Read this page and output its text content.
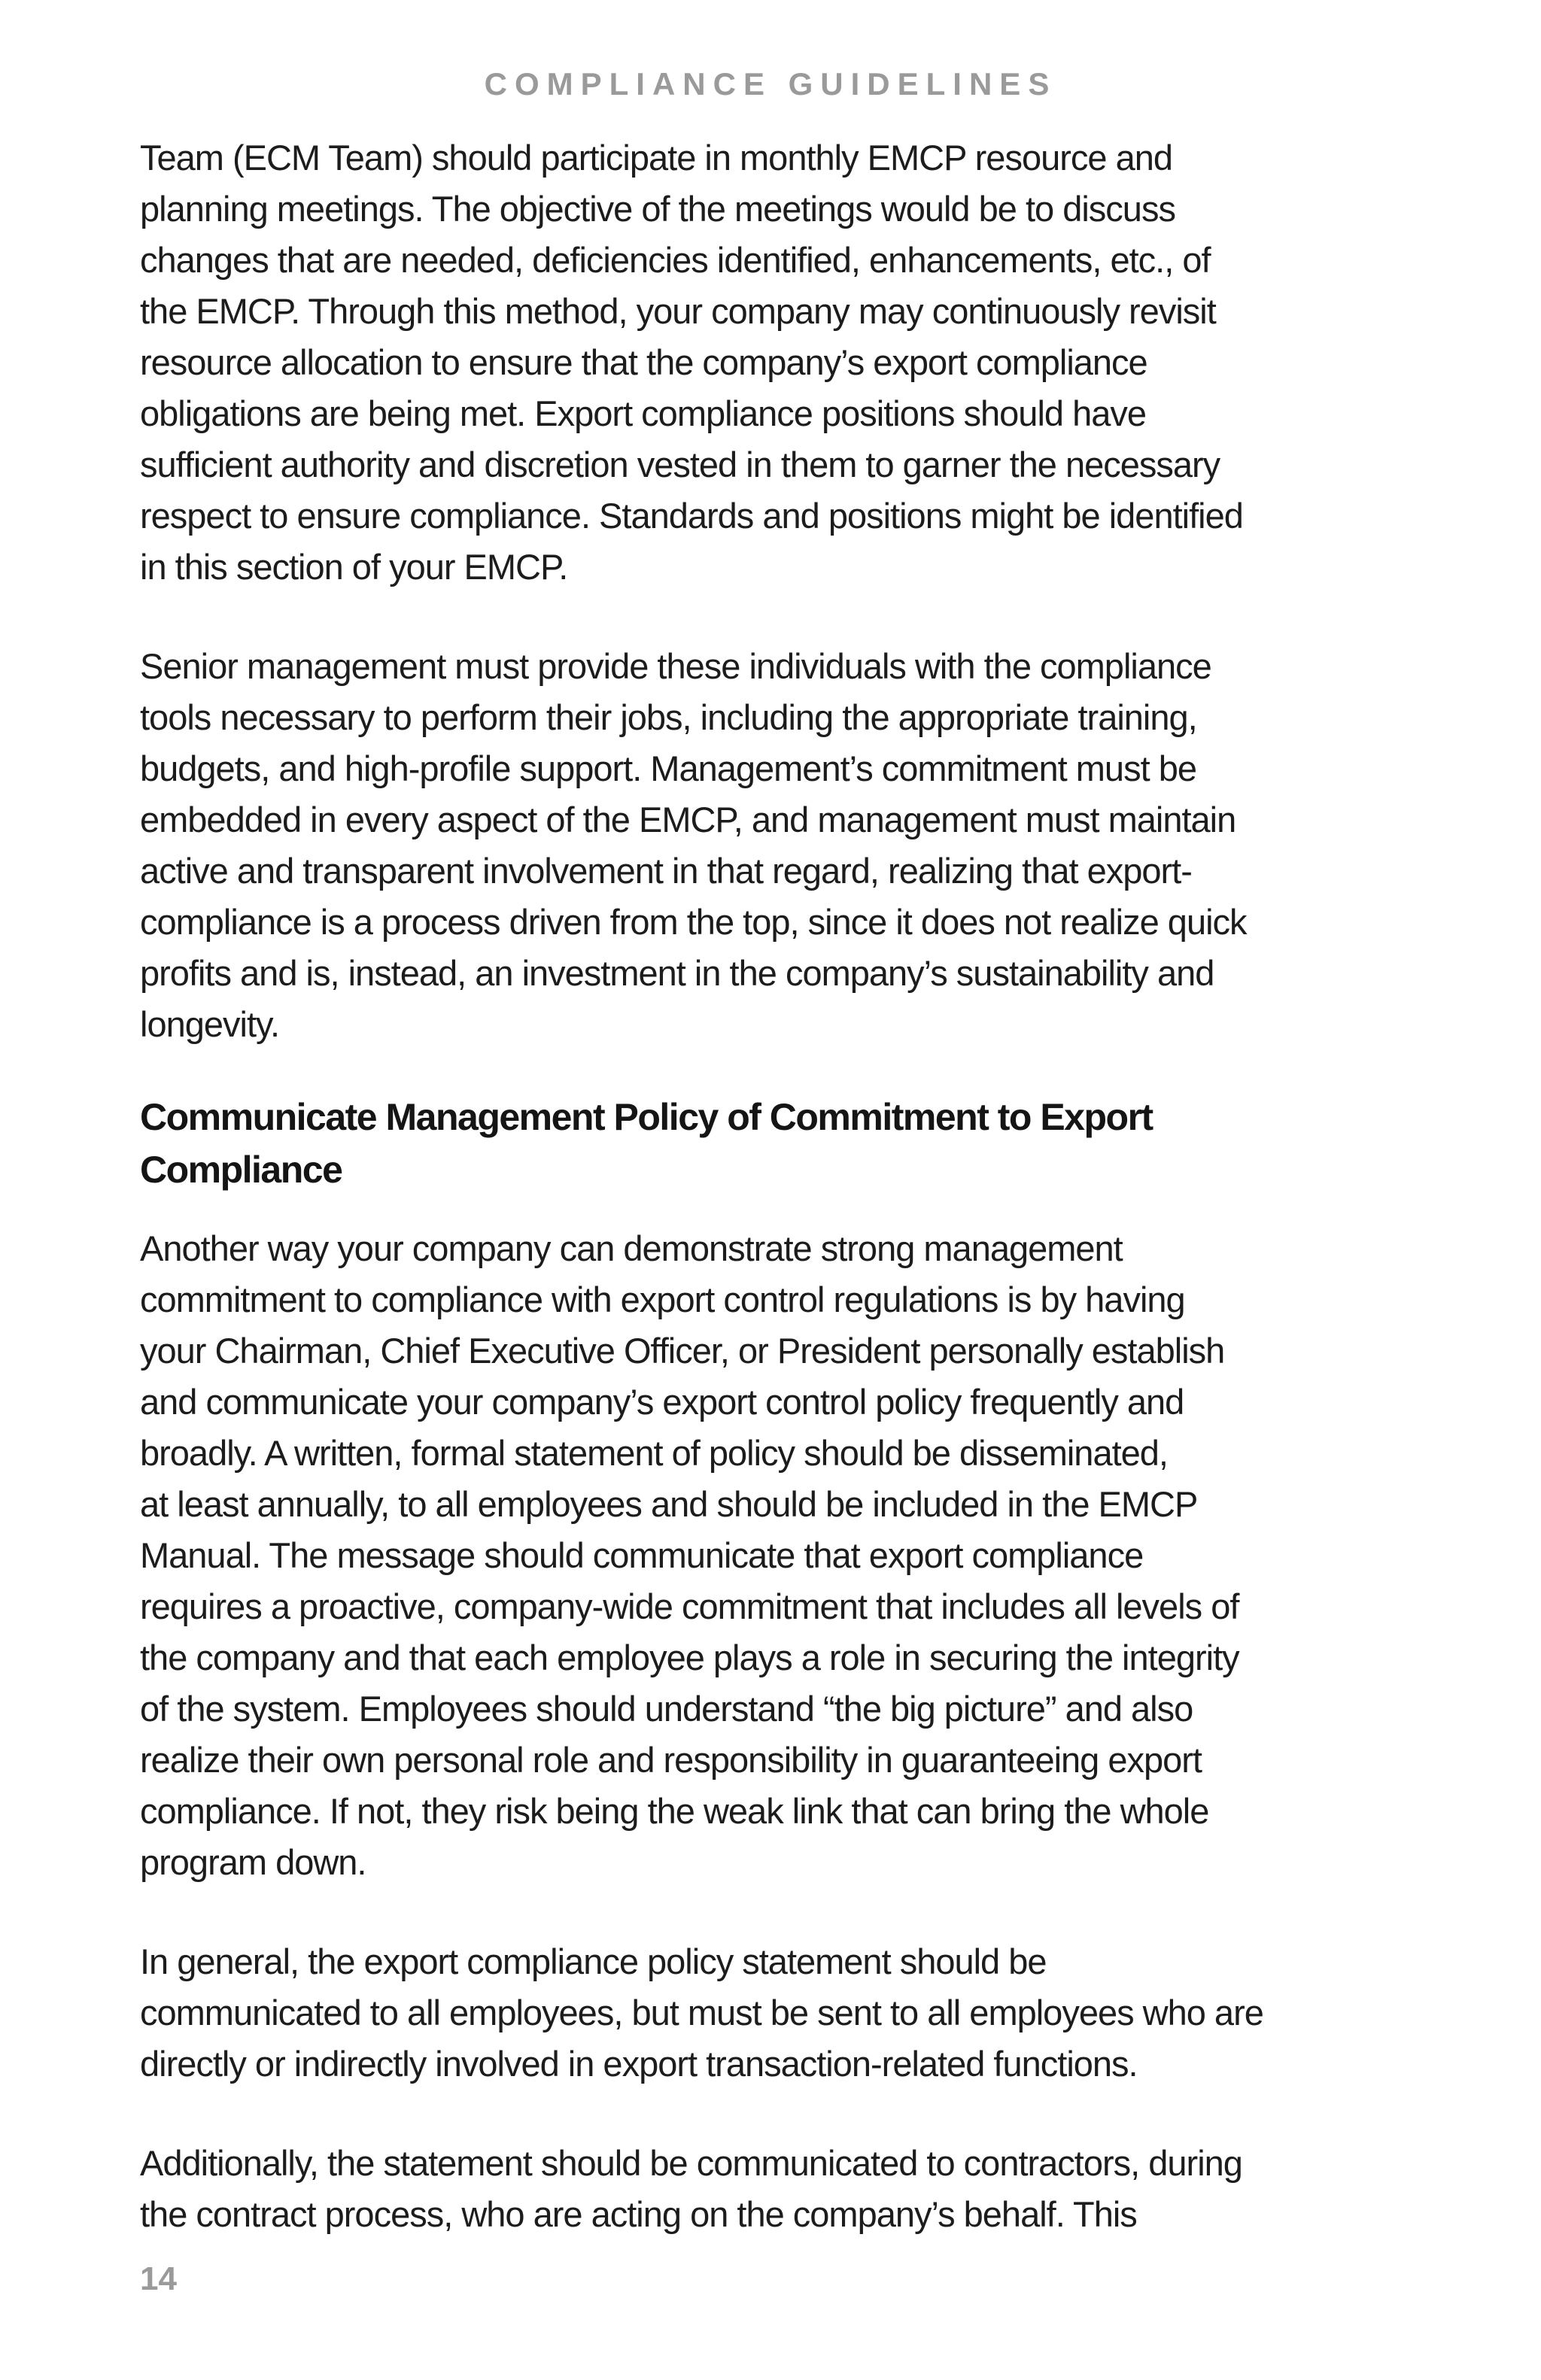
COMPLIANCE GUIDELINES

Team (ECM Team) should participate in monthly EMCP resource and
planning meetings. The objective of the meetings would be to discuss
changes that are needed, deficiencies identified, enhancements, etc., of
the EMCP. Through this method, your company may continuously revisit
resource allocation to ensure that the company’s export compliance
obligations are being met. Export compliance positions should have
sufficient authority and discretion vested in them to garner the necessary
respect to ensure compliance. Standards and positions might be identified
in this section of your EMCP.

Senior management must provide these individuals with the compliance
tools necessary to perform their jobs, including the appropriate training,
budgets, and high-profile support. Management’s commitment must be
embedded in every aspect of the EMCP, and management must maintain
active and transparent involvement in that regard, realizing that export-
compliance is a process driven from the top, since it does not realize quick
profits and is, instead, an investment in the company’s sustainability and
longevity.

Communicate Management Policy of Commitment to Export
Compliance

Another way your company can demonstrate strong management
commitment to compliance with export control regulations is by having
your Chairman, Chief Executive Officer, or President personally establish
and communicate your company’s export control policy frequently and
broadly. A written, formal statement of policy should be disseminated,
at least annually, to all employees and should be included in the EMCP
Manual. The message should communicate that export compliance
requires a proactive, company-wide commitment that includes all levels of
the company and that each employee plays a role in securing the integrity
of the system. Employees should understand “the big picture” and also
realize their own personal role and responsibility in guaranteeing export
compliance. If not, they risk being the weak link that can bring the whole
program down.

In general, the export compliance policy statement should be
communicated to all employees, but must be sent to all employees who are
directly or indirectly involved in export transaction-related functions.

Additionally, the statement should be communicated to contractors, during
the contract process, who are acting on the company’s behalf. This

14
